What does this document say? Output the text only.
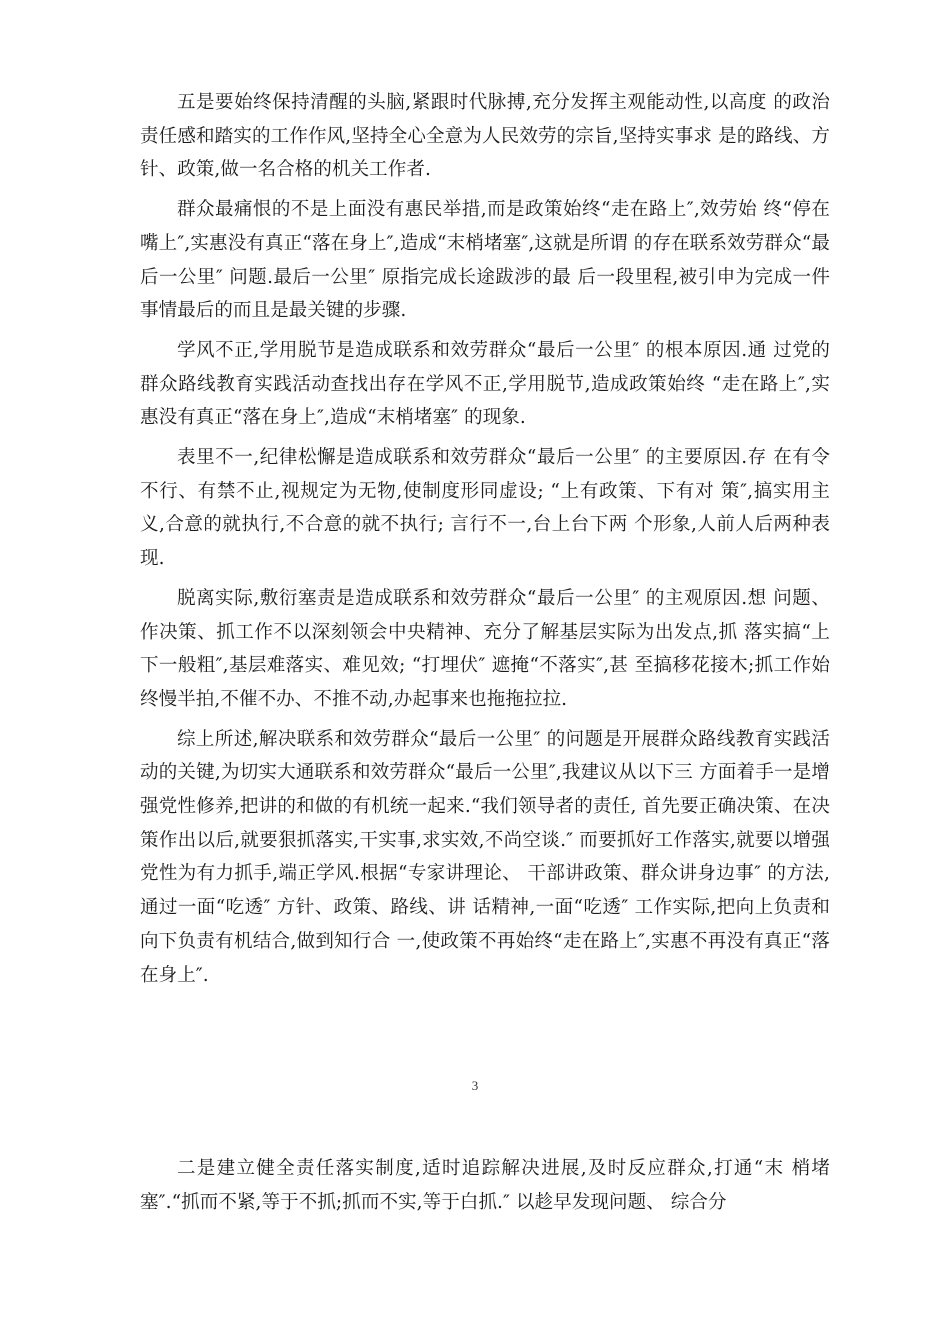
五是要始终保持清醒的头脑,紧跟时代脉搏,充分发挥主观能动性,以高度 的政治责任感和踏实的工作作风,坚持全心全意为人民效劳的宗旨,坚持实事求 是的路线、方针、政策,做一名合格的机关工作者.

群众最痛恨的不是上面没有惠民举措,而是政策始终“走在路上″,效劳始 终“停在嘴上″,实惠没有真正“落在身上″,造成“末梢堵塞″,这就是所谓 的存在联系效劳群众“最后一公里″ 问题.最后一公里″ 原指完成长途跋涉的最 后一段里程,被引申为完成一件事情最后的而且是最关键的步骤.

学风不正,学用脱节是造成联系和效劳群众“最后一公里″ 的根本原因.通 过党的群众路线教育实践活动查找出存在学风不正,学用脱节,造成政策始终 “走在路上″,实惠没有真正“落在身上″,造成“末梢堵塞″ 的现象.

表里不一,纪律松懈是造成联系和效劳群众“最后一公里″ 的主要原因.存 在有令不行、有禁不止,视规定为无物,使制度形同虚设; “上有政策、下有对 策″,搞实用主义,合意的就执行,不合意的就不执行; 言行不一,台上台下两 个形象,人前人后两种表现.

脱离实际,敷衍塞责是造成联系和效劳群众“最后一公里″ 的主观原因.想 问题、作决策、抓工作不以深刻领会中央精神、充分了解基层实际为出发点,抓 落实搞“上下一般粗″,基层难落实、难见效; “打埋伏″ 遮掩“不落实″,甚 至搞移花接木;抓工作始终慢半拍,不催不办、不推不动,办起事来也拖拖拉拉.

综上所述,解决联系和效劳群众“最后一公里″ 的问题是开展群众路线教育实践活动的关键,为切实大通联系和效劳群众“最后一公里″,我建议从以下三 方面着手一是增强党性修养,把讲的和做的有机统一起来.“我们领导者的责任, 首先要正确决策、在决策作出以后,就要狠抓落实,干实事,求实效,不尚空谈.″ 而要抓好工作落实,就要以增强党性为有力抓手,端正学风.根据“专家讲理论、 干部讲政策、群众讲身边事″ 的方法,通过一面“吃透″ 方针、政策、路线、讲 话精神,一面“吃透″ 工作实际,把向上负责和向下负责有机结合,做到知行合 一,使政策不再始终“走在路上″,实惠不再没有真正“落在身上″.

3

二是建立健全责任落实制度,适时追踪解决进展,及时反应群众,打通“末 梢堵塞″.“抓而不紧,等于不抓;抓而不实,等于白抓.″ 以趁早发现问题、 综合分
